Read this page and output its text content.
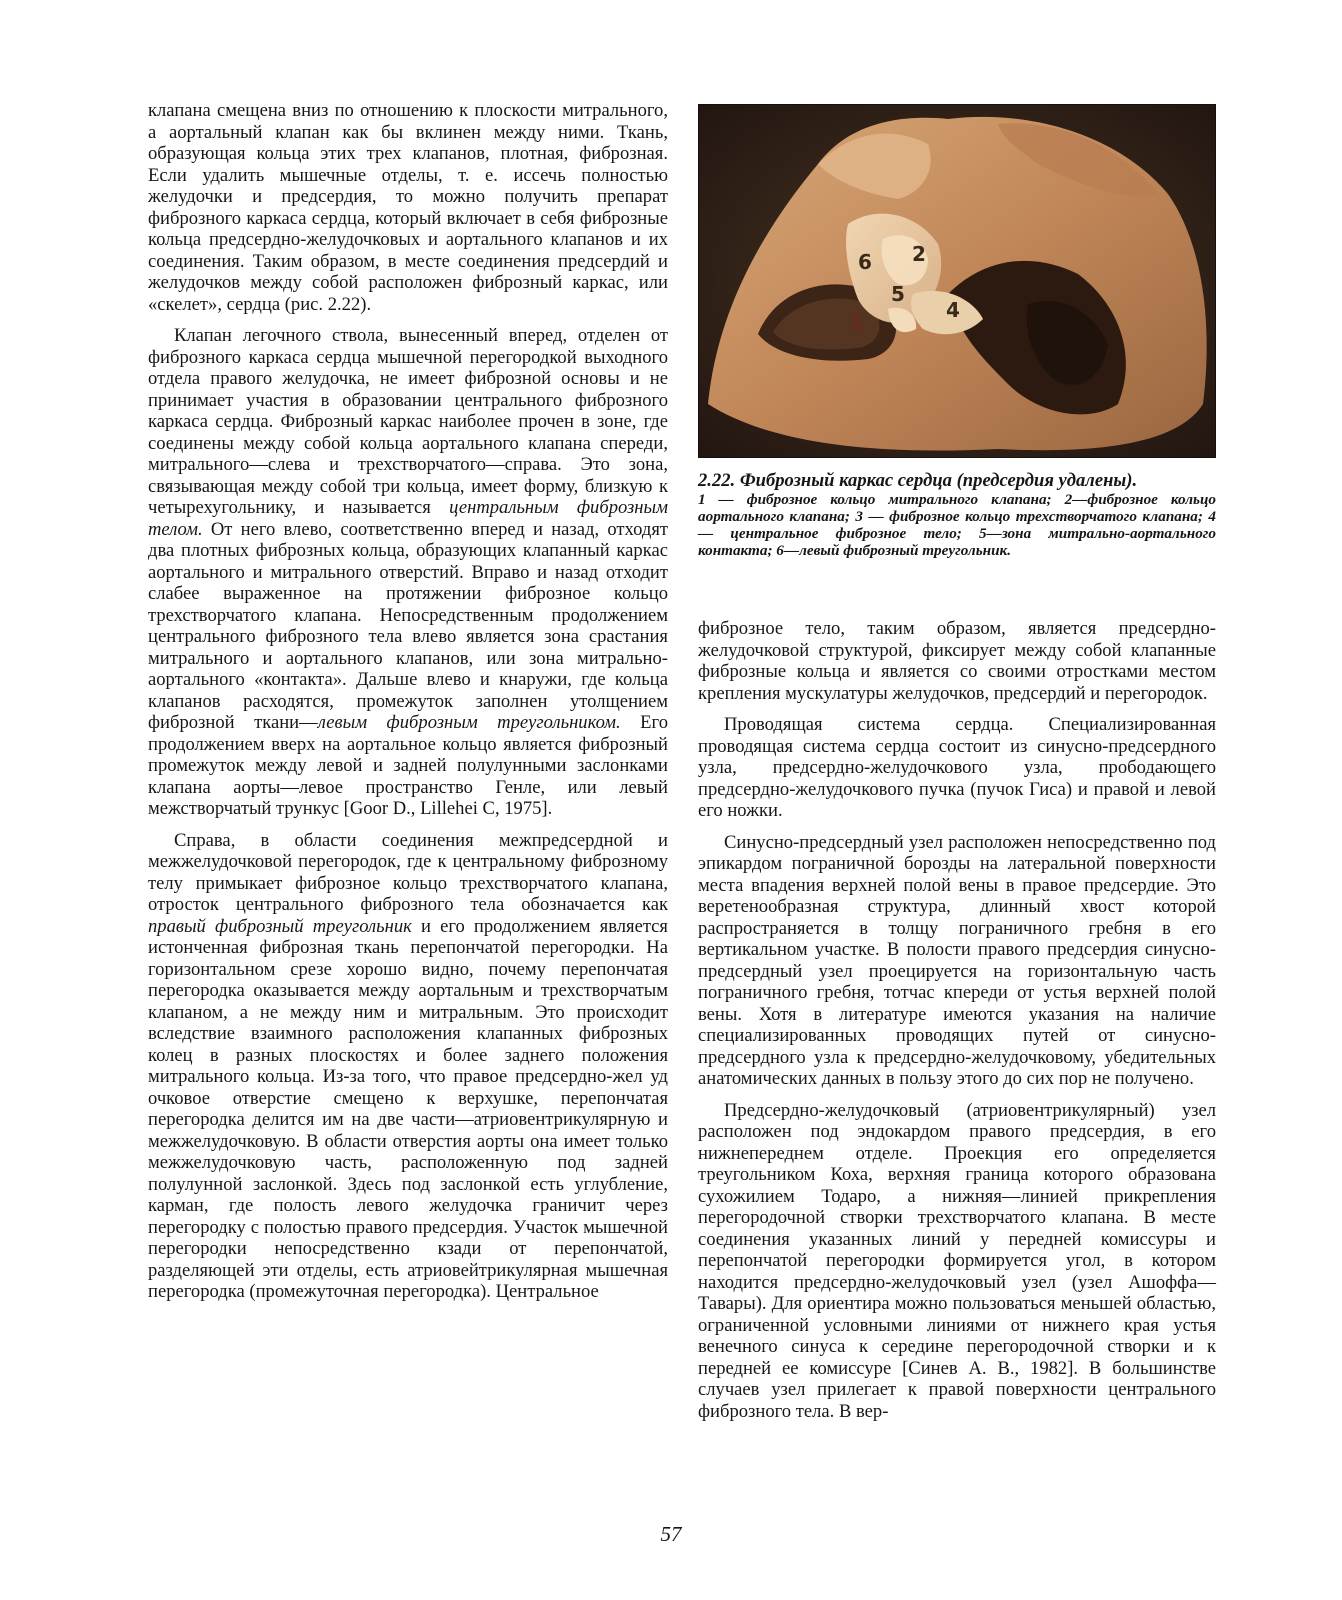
клапана смещена вниз по отношению к плоскости митрального, а аортальный клапан как бы вклинен между ними. Ткань, образующая кольца этих трех клапанов, плотная, фиброзная. Если удалить мышечные отделы, т. е. иссечь полностью желудочки и предсердия, то можно получить препарат фиброзного каркаса сердца, который включает в себя фиброзные кольца предсердно-желудочковых и аортального клапанов и их соединения. Таким образом, в месте соединения предсердий и желудочков между собой расположен фиброзный каркас, или «скелет», сердца (рис. 2.22).

Клапан легочного ствола, вынесенный вперед, отделен от фиброзного каркаса сердца мышечной перегородкой выходного отдела правого желудочка, не имеет фиброзной основы и не принимает участия в образовании центрального фиброзного каркаса сердца. Фиброзный каркас наиболее прочен в зоне, где соединены между собой кольца аортального клапана спереди, митрального—слева и трехстворчатого—справа. Это зона, связывающая между собой три кольца, имеет форму, близкую к четырехугольнику, и называется центральным фиброзным телом. От него влево, соответственно вперед и назад, отходят два плотных фиброзных кольца, образующих клапанный каркас аортального и митрального отверстий. Вправо и назад отходит слабее выраженное на протяжении фиброзное кольцо трехстворчатого клапана. Непосредственным продолжением центрального фиброзного тела влево является зона срастания митрального и аортального клапанов, или зона митрально-аортального «контакта». Дальше влево и кнаружи, где кольца клапанов расходятся, промежуток заполнен утолщением фиброзной ткани—левым фиброзным треугольником. Его продолжением вверх на аортальное кольцо является фиброзный промежуток между левой и задней полулунными заслонками клапана аорты—левое пространство Генле, или левый межстворчатый трункус [Goor D., Lillehei C, 1975].

Справа, в области соединения межпредсердной и межжелудочковой перегородок, где к центральному фиброзному телу примыкает фиброзное кольцо трехстворчатого клапана, отросток центрального фиброзного тела обозначается как правый фиброзный треугольник и его продолжением является истонченная фиброзная ткань перепончатой перегородки. На горизонтальном срезе хорошо видно, почему перепончатая перегородка оказывается между аортальным и трехстворчатым клапаном, а не между ним и митральным. Это происходит вследствие взаимного расположения клапанных фиброзных колец в разных плоскостях и более заднего положения митрального кольца. Из-за того, что правое предсердно-жел уд очковое отверстие смещено к верхушке, перепончатая перегородка делится им на две части—атриовентрикулярную и межжелудочковую. В области отверстия аорты она имеет только межжелудочковую часть, расположенную под задней полулунной заслонкой. Здесь под заслонкой есть углубление, карман, где полость левого желудочка граничит через перегородку с полостью правого предсердия. Участок мышечной перегородки непосредственно кзади от перепончатой, разделяющей эти отделы, есть атриовейтрикулярная мышечная перегородка (промежуточная перегородка). Центральное

6 2
5
4
1
2.22. Фиброзный каркас сердца (предсердия удалены).
1 — фиброзное кольцо митрального клапана; 2—фиброзное кольцо аортального клапана; 3 — фиброзное кольцо трехстворчатого клапана; 4 — центральное фиброзное тело; 5—зона митрально-аортального контакта; 6—левый фиброзный треугольник.

фиброзное тело, таким образом, является предсердно-желудочковой структурой, фиксирует между собой клапанные фиброзные кольца и является со своими отростками местом крепления мускулатуры желудочков, предсердий и перегородок.

Проводящая система сердца. Специализированная проводящая система сердца состоит из синусно-предсердного узла, предсердно-желудочкового узла, прободающего предсердно-желудочкового пучка (пучок Гиса) и правой и левой его ножки.

Синусно-предсердный узел расположен непосредственно под эпикардом пограничной борозды на латеральной поверхности места впадения верхней полой вены в правое предсердие. Это веретенообразная структура, длинный хвост которой распространяется в толщу пограничного гребня в его вертикальном участке. В полости правого предсердия синусно-предсердный узел проецируется на горизонтальную часть пограничного гребня, тотчас кпереди от устья верхней полой вены. Хотя в литературе имеются указания на наличие специализированных проводящих путей от синусно-предсердного узла к предсердно-желудочковому, убедительных анатомических данных в пользу этого до сих пор не получено.

Предсердно-желудочковый (атриовентрикулярный) узел расположен под эндокардом правого предсердия, в его нижнепереднем отделе. Проекция его определяется треугольником Коха, верхняя граница которого образована сухожилием Тодаро, а нижняя—линией прикрепления перегородочной створки трехстворчатого клапана. В месте соединения указанных линий у передней комиссуры и перепончатой перегородки формируется угол, в котором находится предсердно-желудочковый узел (узел Ашоффа—Тавары). Для ориентира можно пользоваться меньшей областью, ограниченной условными линиями от нижнего края устья венечного синуса к середине перегородочной створки и к передней ее комиссуре [Синев А. В., 1982]. В большинстве случаев узел прилегает к правой поверхности центрального фиброзного тела. В вер-

57
